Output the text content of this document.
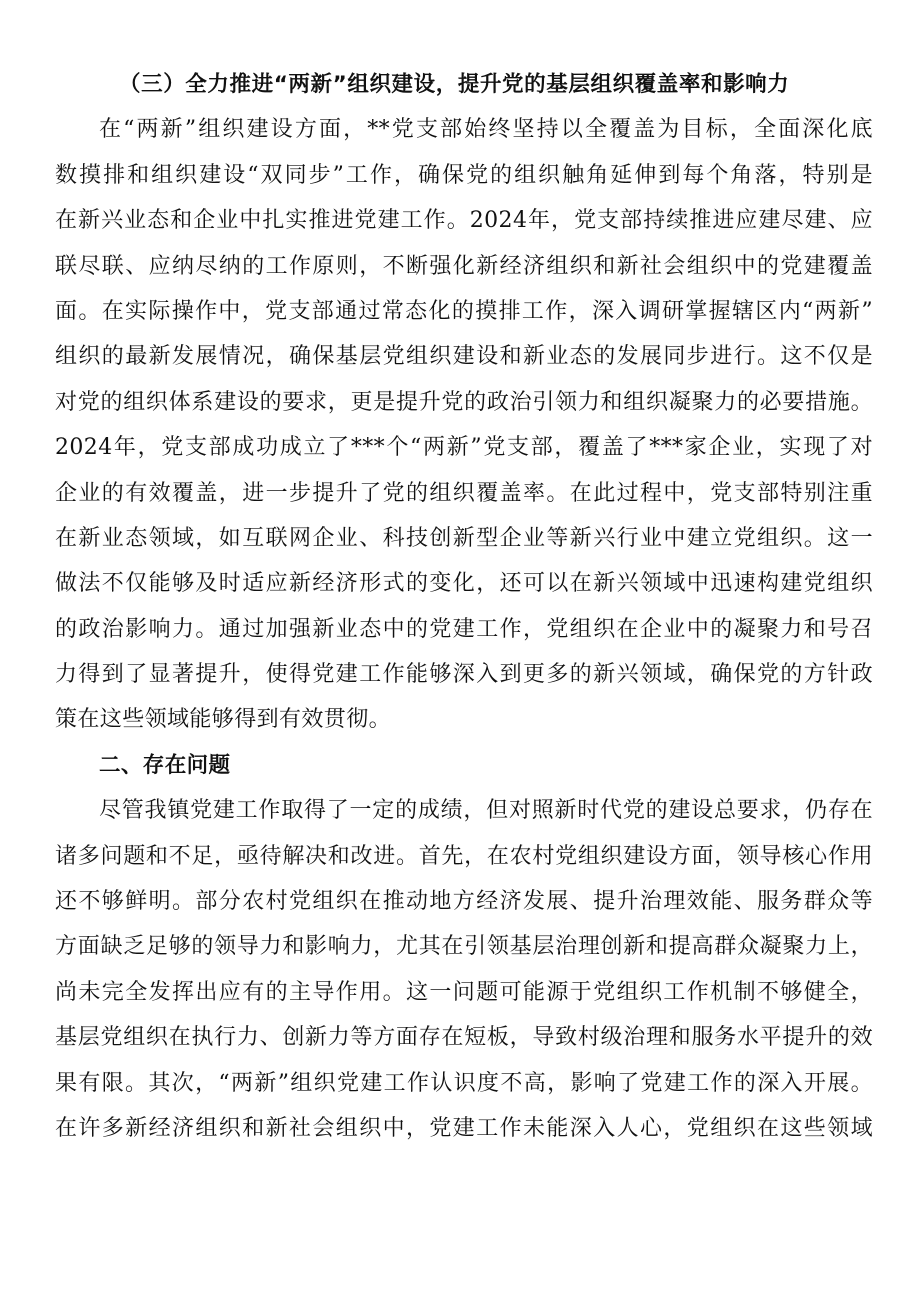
（三）全力推进“两新”组织建设，提升党的基层组织覆盖率和影响力
在“两新”组织建设方面，**党支部始终坚持以全覆盖为目标，全面深化底
数摸排和组织建设“双同步”工作，确保党的组织触角延伸到每个角落，特别是
在新兴业态和企业中扎实推进党建工作。2024年，党支部持续推进应建尽建、应
联尽联、应纳尽纳的工作原则，不断强化新经济组织和新社会组织中的党建覆盖
面。在实际操作中，党支部通过常态化的摸排工作，深入调研掌握辖区内“两新”
组织的最新发展情况，确保基层党组织建设和新业态的发展同步进行。这不仅是
对党的组织体系建设的要求，更是提升党的政治引领力和组织凝聚力的必要措施。
2024年，党支部成功成立了***个“两新”党支部，覆盖了***家企业，实现了对
企业的有效覆盖，进一步提升了党的组织覆盖率。在此过程中，党支部特别注重
在新业态领域，如互联网企业、科技创新型企业等新兴行业中建立党组织。这一
做法不仅能够及时适应新经济形式的变化，还可以在新兴领域中迅速构建党组织
的政治影响力。通过加强新业态中的党建工作，党组织在企业中的凝聚力和号召
力得到了显著提升，使得党建工作能够深入到更多的新兴领域，确保党的方针政
策在这些领域能够得到有效贯彻。
二、存在问题
尽管我镇党建工作取得了一定的成绩，但对照新时代党的建设总要求，仍存在
诸多问题和不足，亟待解决和改进。首先，在农村党组织建设方面，领导核心作用
还不够鲜明。部分农村党组织在推动地方经济发展、提升治理效能、服务群众等
方面缺乏足够的领导力和影响力，尤其在引领基层治理创新和提高群众凝聚力上，
尚未完全发挥出应有的主导作用。这一问题可能源于党组织工作机制不够健全，
基层党组织在执行力、创新力等方面存在短板，导致村级治理和服务水平提升的效
果有限。其次，“两新”组织党建工作认识度不高，影响了党建工作的深入开展。
在许多新经济组织和新社会组织中，党建工作未能深入人心，党组织在这些领域
